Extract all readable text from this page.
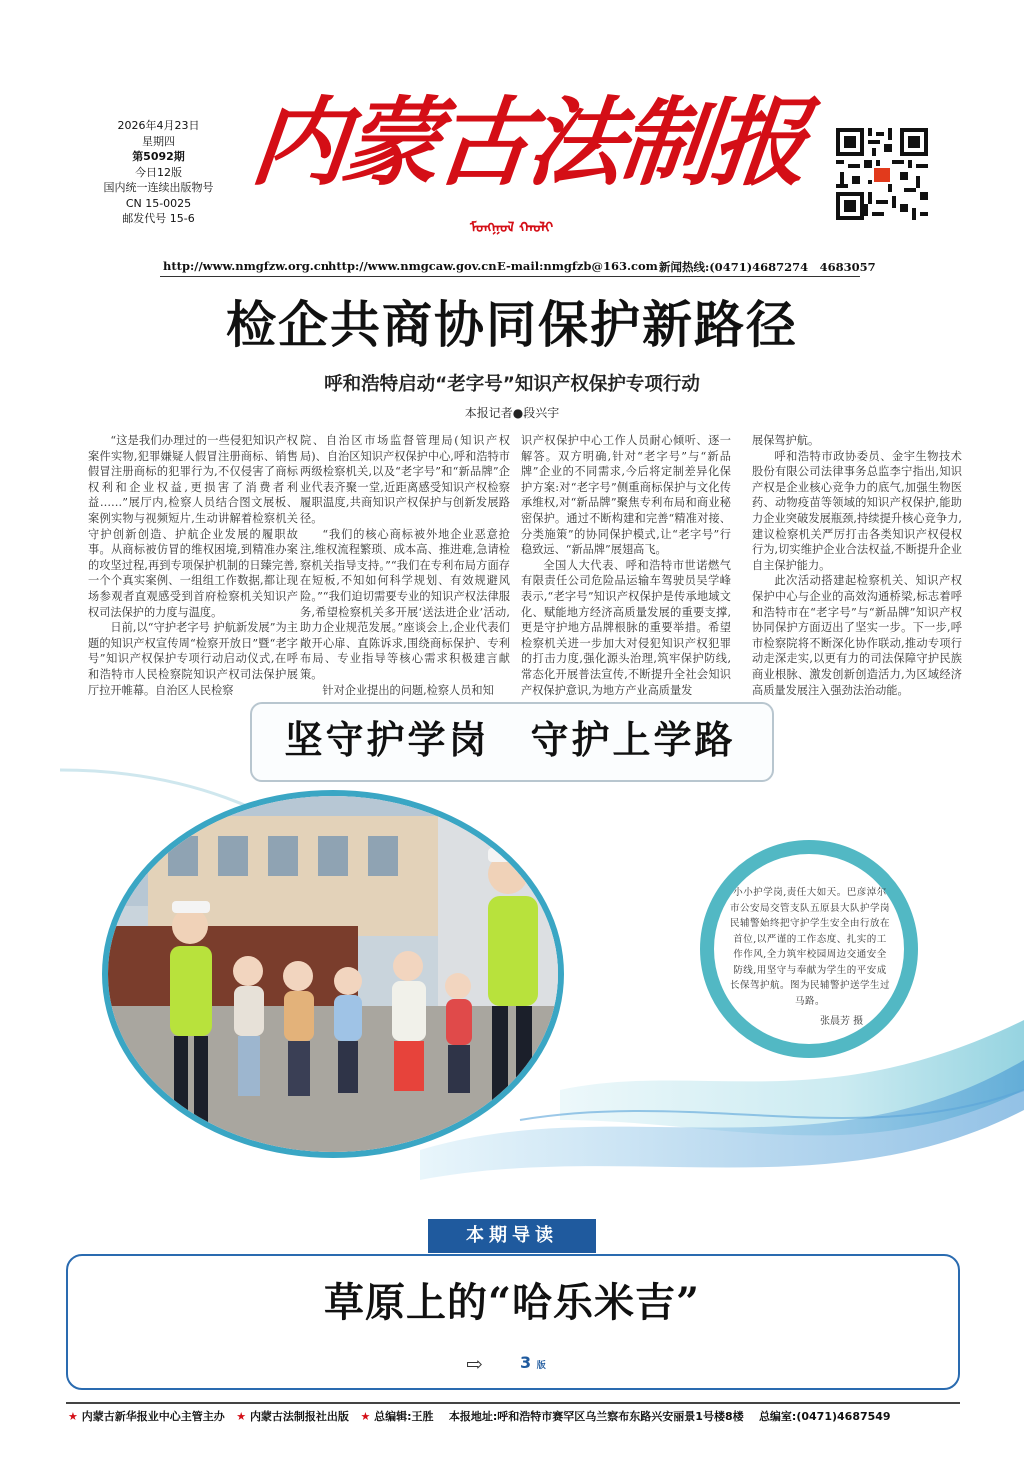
2026年4月23日
星期四
第5092期
今日12版
国内统一连续出版物号
CN 15-0025
邮发代号 15-6
内蒙古法制报
ᠮᠣᠩᠭᠣᠯ ᠬᠠᠤᠯᠢ
http://www.nmgfzw.org.cn
http://www.nmgcaw.gov.cn E-mail:nmgfzb@163.com 新闻热线:(0471)4687274　4683057
检企共商协同保护新路径
呼和浩特启动“老字号”知识产权保护专项行动
本报记者●段兴宇
“这是我们办理过的一些侵犯知识产权案件实物,犯罪嫌疑人假冒注册商标、销售假冒注册商标的犯罪行为,不仅侵害了商标权利和企业权益,更损害了消费者利益……”展厅内,检察人员结合图文展板、案例实物与视频短片,生动讲解着检察机关守护创新创造、护航企业发展的履职故事。从商标被仿冒的维权困境,到精准办案的攻坚过程,再到专项保护机制的日臻完善,一个个真实案例、一组组工作数据,都让现场参观者直观感受到首府检察机关知识产权司法保护的力度与温度。
日前,以“守护老字号 护航新发展”为主题的知识产权宣传周“检察开放日”暨“老字号”知识产权保护专项行动启动仪式,在呼和浩特市人民检察院知识产权司法保护展厅拉开帷幕。自治区人民检察
院、自治区市场监督管理局(知识产权局)、自治区知识产权保护中心,呼和浩特市两级检察机关,以及“老字号”和“新品牌”企业代表齐聚一堂,近距离感受知识产权检察履职温度,共商知识产权保护与创新发展路径。
“我们的核心商标被外地企业恶意抢注,维权流程繁琐、成本高、推进难,急请检察机关指导支持。”“我们在专利布局方面存在短板,不知如何科学规划、有效规避风险。”“我们迫切需要专业的知识产权法律服务,希望检察机关多开展‘送法进企业’活动,助力企业规范发展。”座谈会上,企业代表们敞开心扉、直陈诉求,围绕商标保护、专利布局、专业指导等核心需求积极建言献策。
针对企业提出的问题,检察人员和知
识产权保护中心工作人员耐心倾听、逐一解答。双方明确,针对“老字号”与“新品牌”企业的不同需求,今后将定制差异化保护方案:对“老字号”侧重商标保护与文化传承维权,对“新品牌”聚焦专利布局和商业秘密保护。通过不断构建和完善“精准对接、分类施策”的协同保护模式,让“老字号”行稳致远、“新品牌”展翅高飞。
全国人大代表、呼和浩特市世诺燃气有限责任公司危险品运输车驾驶员吴学峰表示,“老字号”知识产权保护是传承地域文化、赋能地方经济高质量发展的重要支撑,更是守护地方品牌根脉的重要举措。希望检察机关进一步加大对侵犯知识产权犯罪的打击力度,强化源头治理,筑牢保护防线,常态化开展普法宣传,不断提升全社会知识产权保护意识,为地方产业高质量发
展保驾护航。
呼和浩特市政协委员、金宇生物技术股份有限公司法律事务总监李宁指出,知识产权是企业核心竞争力的底气,加强生物医药、动物疫苗等领域的知识产权保护,能助力企业突破发展瓶颈,持续提升核心竞争力,建议检察机关严厉打击各类知识产权侵权行为,切实维护企业合法权益,不断提升企业自主保护能力。
此次活动搭建起检察机关、知识产权保护中心与企业的高效沟通桥梁,标志着呼和浩特市在“老字号”与“新品牌”知识产权协同保护方面迈出了坚实一步。下一步,呼市检察院将不断深化协作联动,推动专项行动走深走实,以更有力的司法保障守护民族商业根脉、激发创新创造活力,为区域经济高质量发展注入强劲法治动能。
坚守护学岗　守护上学路
小小护学岗,责任大如天。巴彦淖尔市公安局交管支队五原县大队护学岗民辅警始终把守护学生安全由行放在首位,以严谨的工作态度、扎实的工作作风,全力筑牢校园周边交通安全防线,用坚守与奉献为学生的平安成长保驾护航。图为民辅警护送学生过马路。
张晨芳 摄
本期导读
草原上的“哈乐米吉”
⇨ 3 版
★ 内蒙古新华报业中心主管主办 ★ 内蒙古法制报社出版 ★ 总编辑:王胜 本报地址:呼和浩特市赛罕区乌兰察布东路兴安丽景1号楼8楼 总编室:(0471)4687549
